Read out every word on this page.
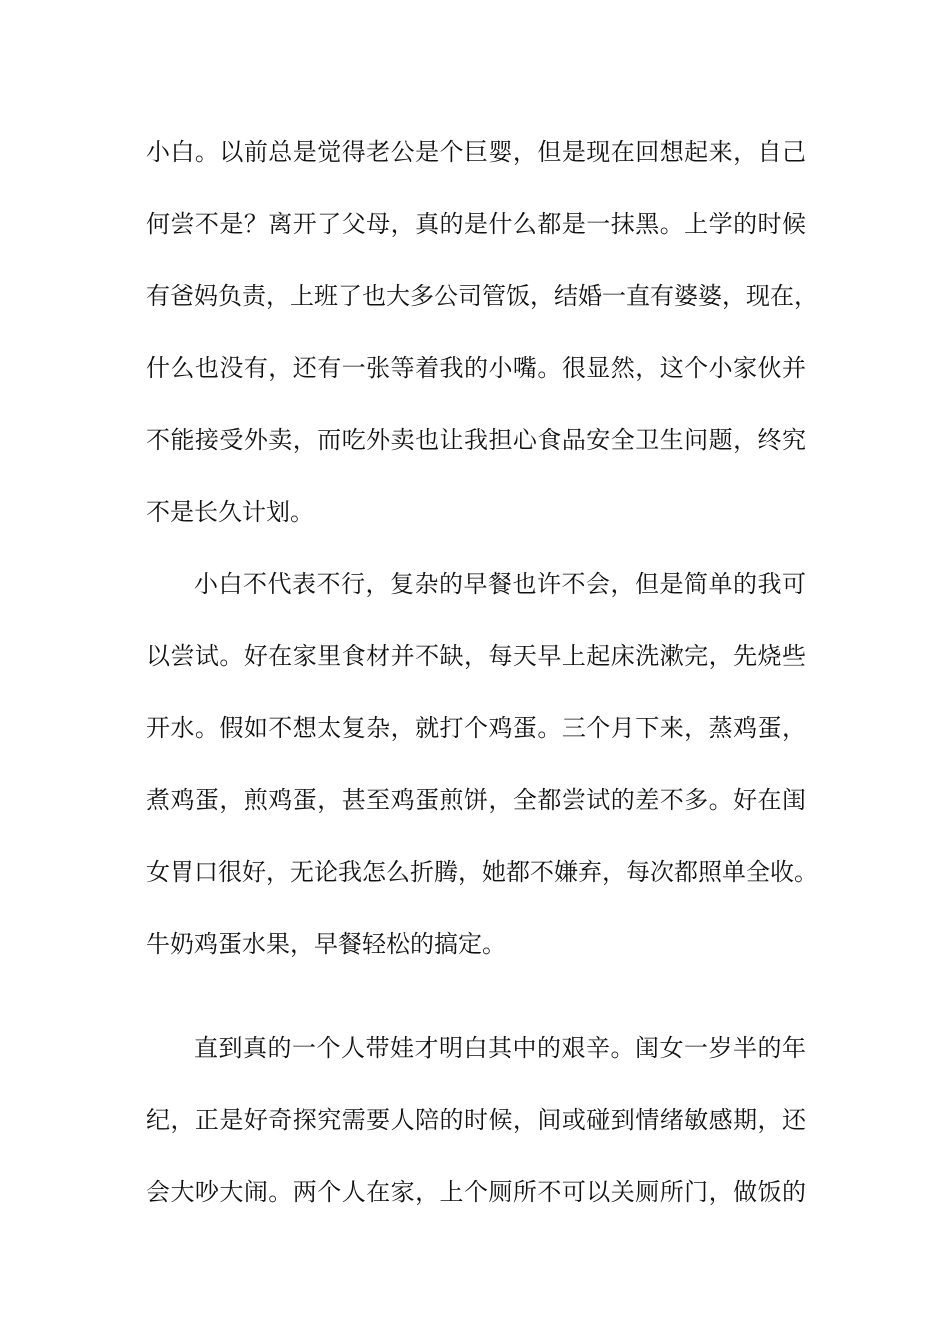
小白。以前总是觉得老公是个巨婴，但是现在回想起来，自己
何尝不是？离开了父母，真的是什么都是一抹黑。上学的时候
有爸妈负责，上班了也大多公司管饭，结婚一直有婆婆，现在，
什么也没有，还有一张等着我的小嘴。很显然，这个小家伙并
不能接受外卖，而吃外卖也让我担心食品安全卫生问题，终究
不是长久计划。
小白不代表不行，复杂的早餐也许不会，但是简单的我可
以尝试。好在家里食材并不缺，每天早上起床洗漱完，先烧些
开水。假如不想太复杂，就打个鸡蛋。三个月下来，蒸鸡蛋，
煮鸡蛋，煎鸡蛋，甚至鸡蛋煎饼，全都尝试的差不多。好在闺
女胃口很好，无论我怎么折腾，她都不嫌弃，每次都照单全收。
牛奶鸡蛋水果，早餐轻松的搞定。
直到真的一个人带娃才明白其中的艰辛。闺女一岁半的年
纪，正是好奇探究需要人陪的时候，间或碰到情绪敏感期，还
会大吵大闹。两个人在家，上个厕所不可以关厕所门，做饭的
